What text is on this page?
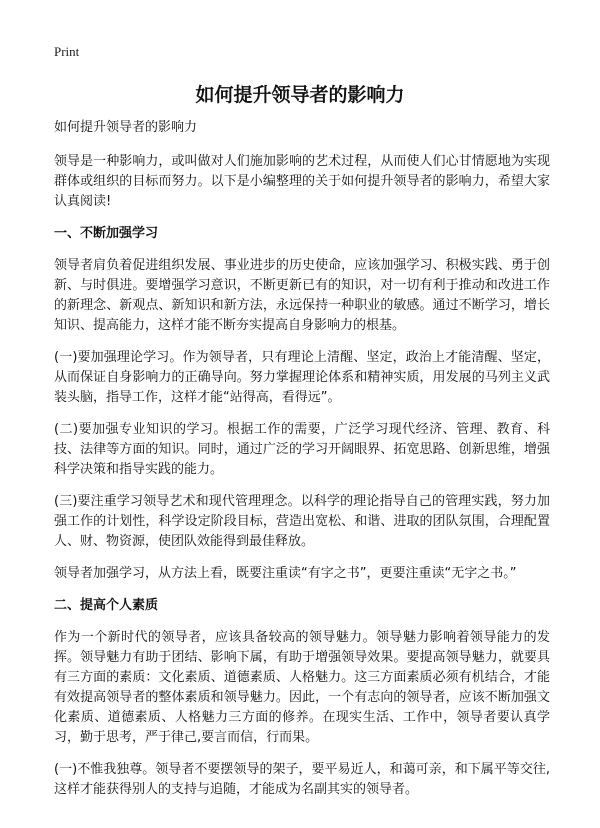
Print
如何提升领导者的影响力

如何提升领导者的影响力

领导是一种影响力，或叫做对人们施加影响的艺术过程，从而使人们心甘情愿地为实现群体或组织的目标而努力。以下是小编整理的关于如何提升领导者的影响力，希望大家认真阅读!

一、不断加强学习

领导者肩负着促进组织发展、事业进步的历史使命，应该加强学习、积极实践、勇于创新、与时俱进。要增强学习意识，不断更新已有的知识，对一切有利于推动和改进工作的新理念、新观点、新知识和新方法，永远保持一种职业的敏感。通过不断学习，增长知识、提高能力，这样才能不断夯实提高自身影响力的根基。

(一)要加强理论学习。作为领导者，只有理论上清醒、坚定，政治上才能清醒、坚定，从而保证自身影响力的正确导向。努力掌握理论体系和精神实质，用发展的马列主义武装头脑，指导工作，这样才能“站得高，看得远”。

(二)要加强专业知识的学习。根据工作的需要，广泛学习现代经济、管理、教育、科技、法律等方面的知识。同时，通过广泛的学习开阔眼界、拓宽思路、创新思维，增强科学决策和指导实践的能力。

(三)要注重学习领导艺术和现代管理理念。以科学的理论指导自己的管理实践，努力加强工作的计划性，科学设定阶段目标，营造出宽松、和谐、进取的团队氛围，合理配置人、财、物资源，使团队效能得到最佳释放。

领导者加强学习，从方法上看，既要注重读“有字之书”，更要注重读“无字之书。”

二、提高个人素质

作为一个新时代的领导者，应该具备较高的领导魅力。领导魅力影响着领导能力的发挥。领导魅力有助于团结、影响下属，有助于增强领导效果。要提高领导魅力，就要具有三方面的素质：文化素质、道德素质、人格魅力。这三方面素质必须有机结合，才能有效提高领导者的整体素质和领导魅力。因此，一个有志向的领导者，应该不断加强文化素质、道德素质、人格魅力三方面的修养。在现实生活、工作中，领导者要认真学习，勤于思考，严于律己,要言而信，行而果。

(一)不惟我独尊。领导者不要摆领导的架子，要平易近人，和蔼可亲，和下属平等交往,这样才能获得别人的支持与追随，才能成为名副其实的领导者。
